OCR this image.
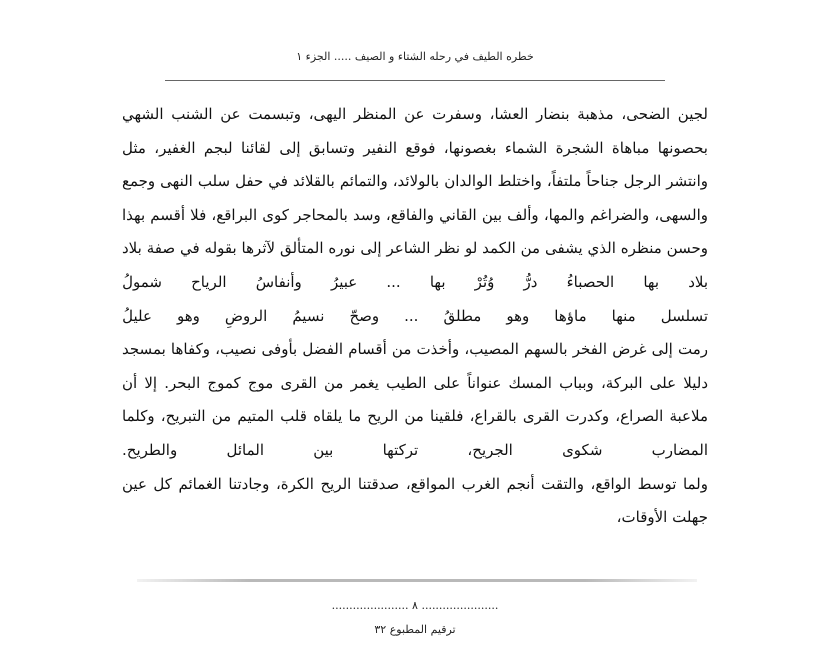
خطره الطيف في رحله الشتاء و الصيف ..... الجزء ١
لجين الضحى، مذهبة بنضار العشا، وسفرت عن المنظر اليهى، وتبسمت عن الشنب الشهي
بحصونها مباهاة الشجرة الشماء بغصونها، فوقع النفير وتسابق إلى لقائنا لبجم الغفير، مثل
وانتشر الرجل جناحاً ملتفاً، واختلط الوالدان بالولائد، والتمائم بالقلائد في حفل سلب النهى وجمع
والسهى، والضراغم والمها، وألف بين القاني والفاقع، وسد بالمحاجر كوى البراقع، فلا أقسم بهذا
وحسن منظره الذي يشفى من الكمد لو نظر الشاعر إلى نوره المتألق لآثرها بقوله في صفة بلاد
بلاد
بها
الحصباءُ
درُّ
وُتُرْ
بها
...
عبيرُ
وأنفاسُ
الرياح
شمولُ
تسلسل
منها
ماؤها
وهو
مطلقُ
...
وصحّ
نسيمُ
الروضِ
وهو
عليلُ
رمت إلى غرض الفخر بالسهم المصيب، وأخذت من أقسام الفضل بأوفى نصيب، وكفاها بمسجد
دليلا على البركة، وبباب المسك عنواناً على الطيب يغمر من القرى موج كموج البحر. إلا أن
ملاعبة الصراع، وكدرت القرى بالقراع، فلقينا من الريح ما يلقاه قلب المتيم من التبريح، وكلما
المضارب
شكوى
الجريح،
تركتها
بين
المائل
والطريح.
ولما توسط الواقع، والتقت أنجم الغرب المواقع، صدقتنا الريح الكرة، وجادتنا الغمائم كل عين
جهلت الأوقات،
...................... ٨ ......................
ترقيم المطبوع ٣٢
